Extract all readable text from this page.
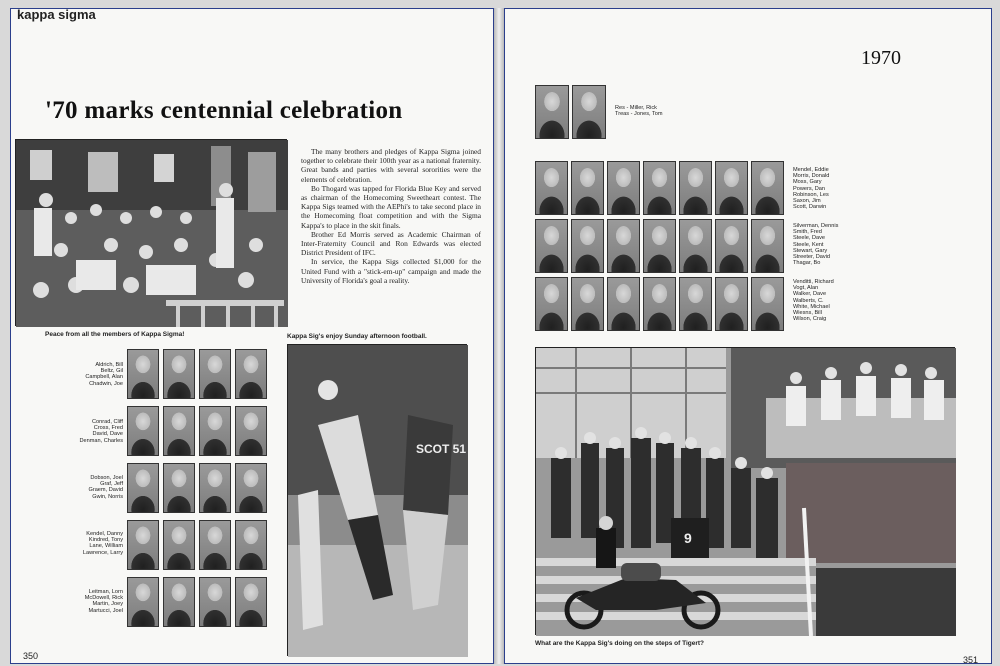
kappa sigma
'70 marks centennial celebration
Peace from all the members of Kappa Sigma!

The many brothers and pledges of Kappa Sigma joined together to celebrate their 100th year as a national fraternity. Great bands and parties with several sororities were the elements of celebration.

Bo Thogard was tapped for Florida Blue Key and served as chairman of the Homecoming Sweetheart contest. The Kappa Sigs teamed with the AEPhi's to take second place in the Homecoming float competition and with the Sigma Kappa's to place in the skit finals.

Brother Ed Morris served as Academic Chairman of Inter-Fraternity Council and Ron Edwards was elected District President of IFC.

In service, the Kappa Sigs collected $1,000 for the United Fund with a "stick-em-up" campaign and made the University of Florida's goal a reality.

Aldrich, Bill
Beltz, Gil
Campbell, Alan
Chadwin, Joe
Conrad, Cliff
Cross, Fred
David, Dave
Denman, Charles
Dobson, Joel
Graf, Jeff
Graem, David
Gwin, Norris
Kendel, Danny
Kindred, Tony
Lane, William
Lawrence, Larry
Leitman, Lorn
McDowell, Rick
Martin, Joey
Martucci, Joel
Kappa Sig's enjoy Sunday afternoon football.
SCOT 51
350
1970
Res - Miller, Rick
Treas - Jones, Tom
Mendel, Eddie
Morris, Donald
Moss, Gary
Powers, Dan
Robinson, Les
Saxon, Jim
Scott, Darwin
Silverman, Dennis
Smith, Fred
Steele, Dave
Steele, Kent
Stewart, Gary
Streeter, David
Thagar, Bo
Venditti, Richard
Vogt, Alan
Walker, Dave
Walberts, C.
White, Michael
Wiesns, Bill
Wilson, Craig
9
What are the Kappa Sig's doing on the steps of Tigert?
351
